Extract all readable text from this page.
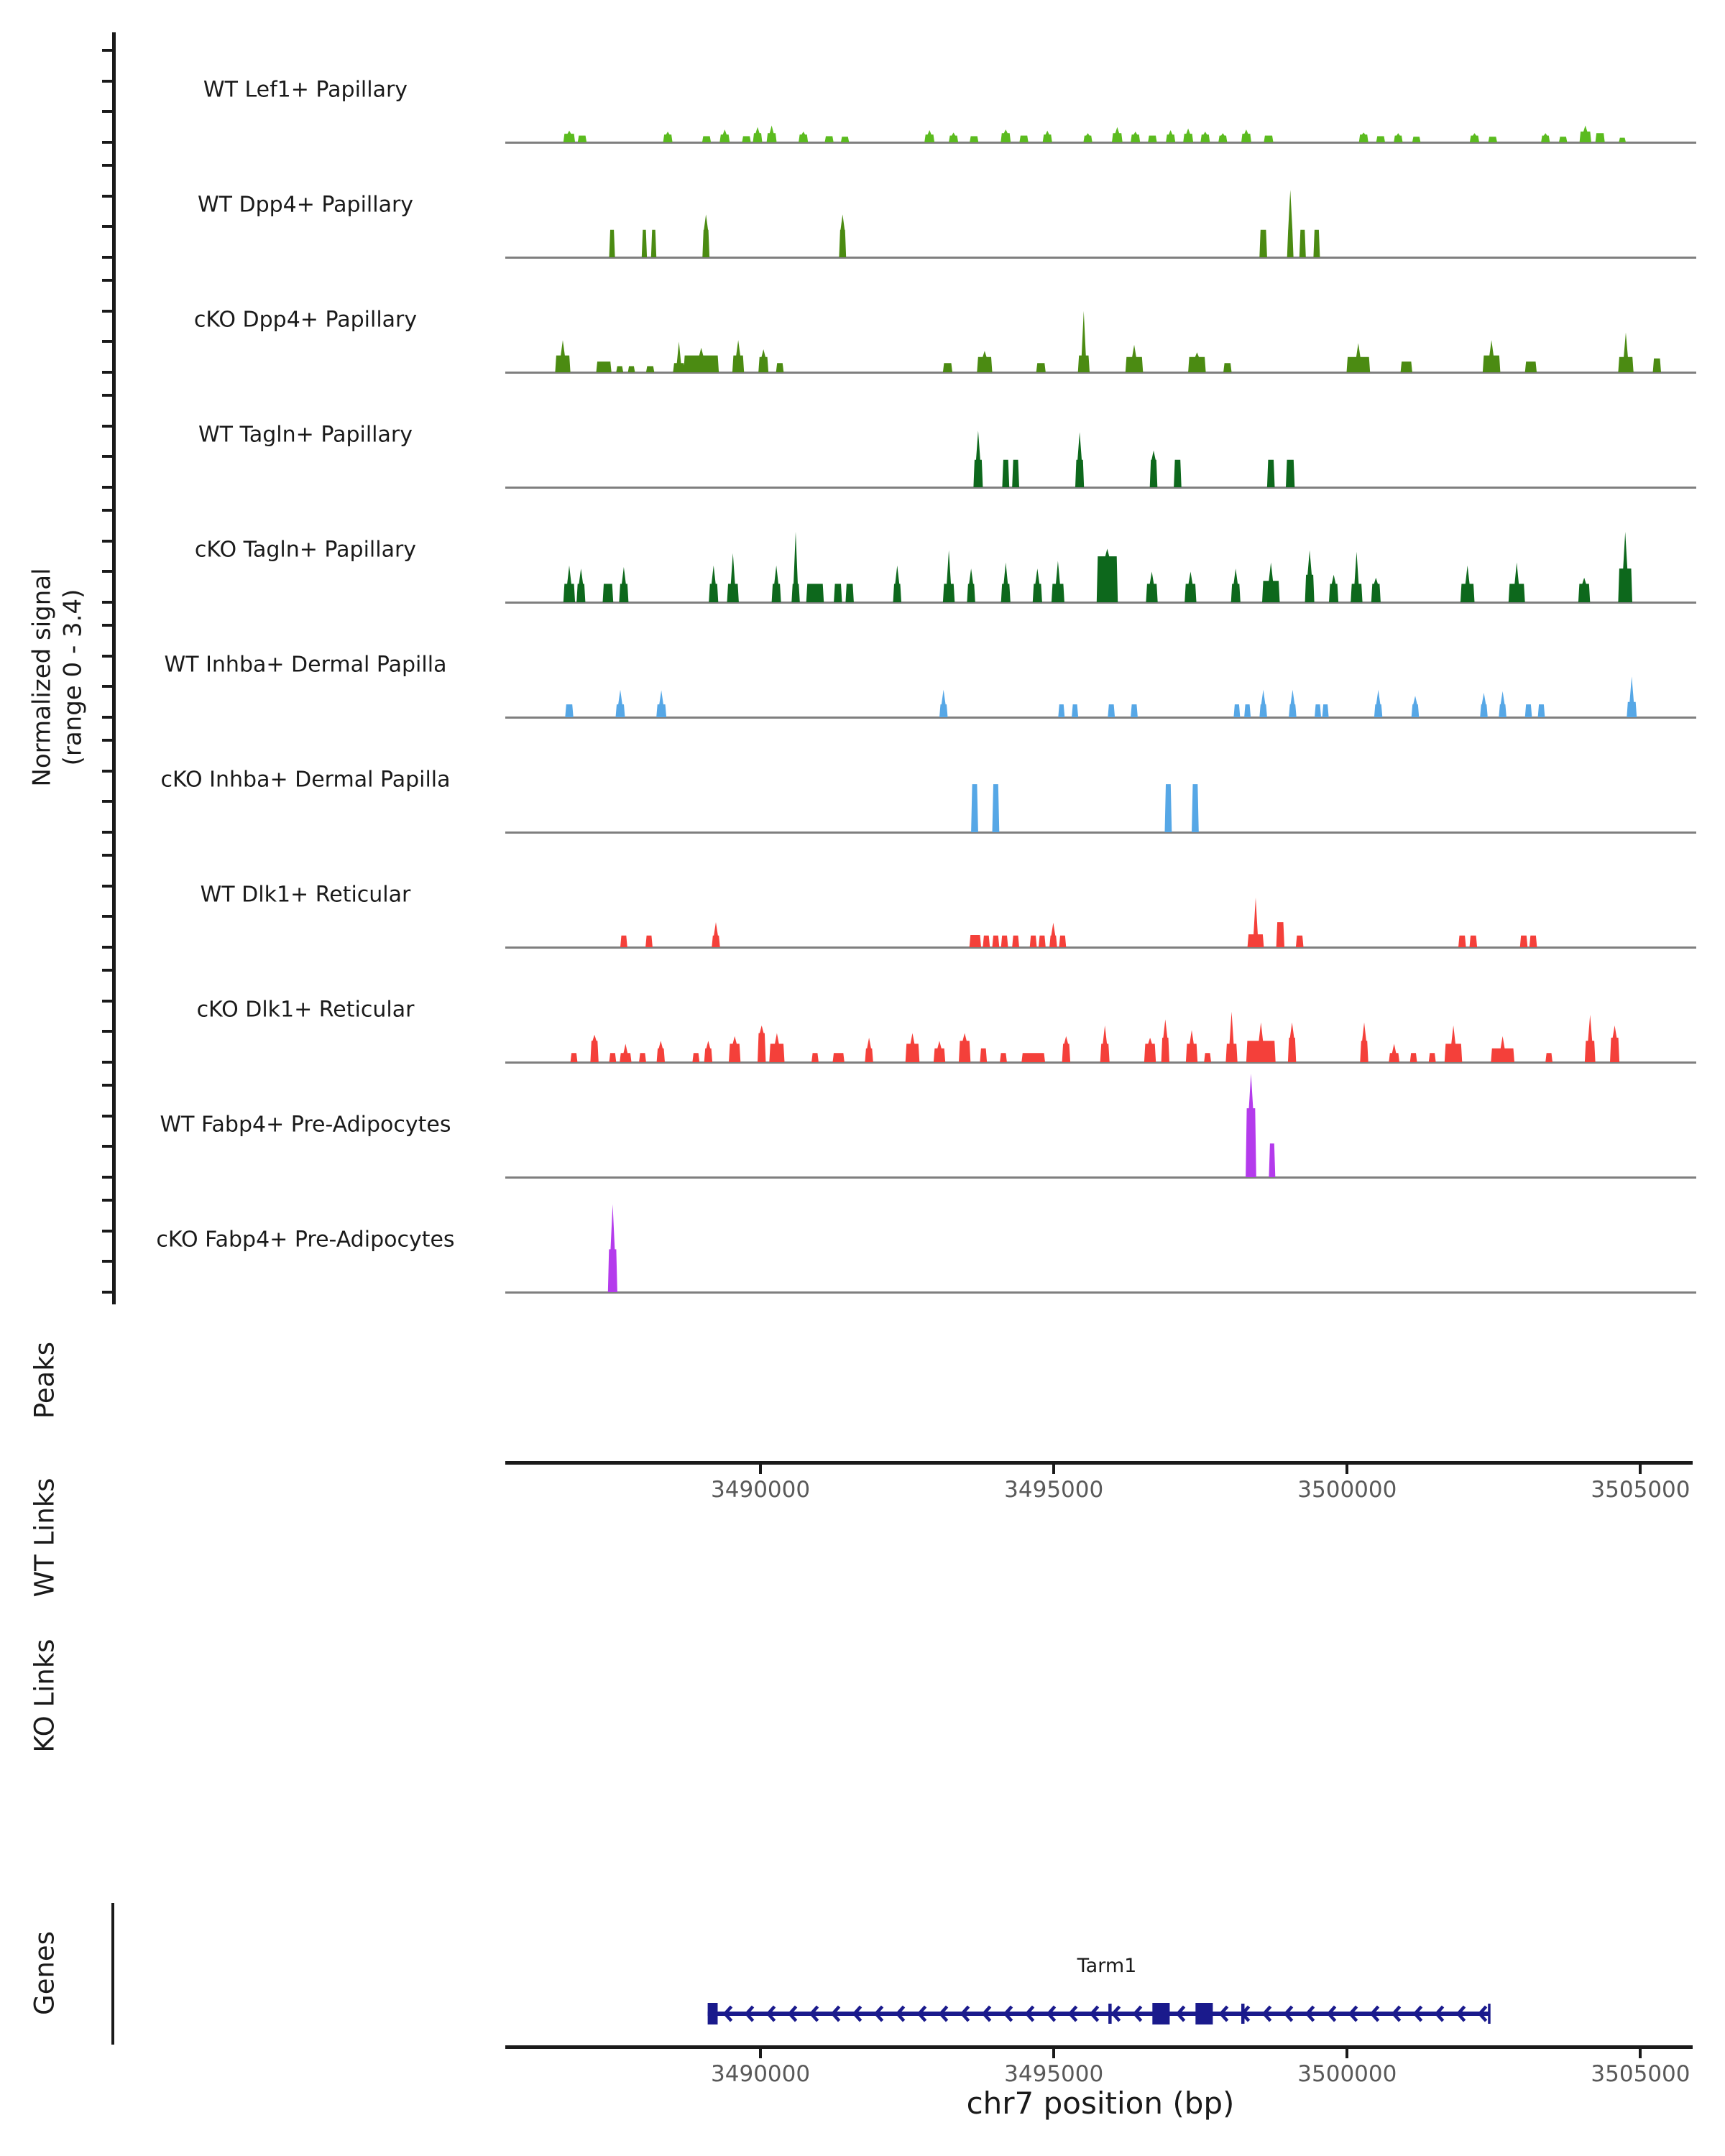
Normalized signal
(range 0 - 3.4)
Peaks
WT Links
KO Links
Genes
WT Lef1+ Papillary
WT Dpp4+ Papillary
cKO Dpp4+ Papillary
WT Tagln+ Papillary
cKO Tagln+ Papillary
WT Inhba+ Dermal Papilla
cKO Inhba+ Dermal Papilla
WT Dlk1+ Reticular
cKO Dlk1+ Reticular
WT Fabp4+ Pre-Adipocytes
cKO Fabp4+ Pre-Adipocytes
3490000	3495000	3500000	3505000
3490000	3495000	3500000	3505000
Tarm1
chr7 position (bp)
